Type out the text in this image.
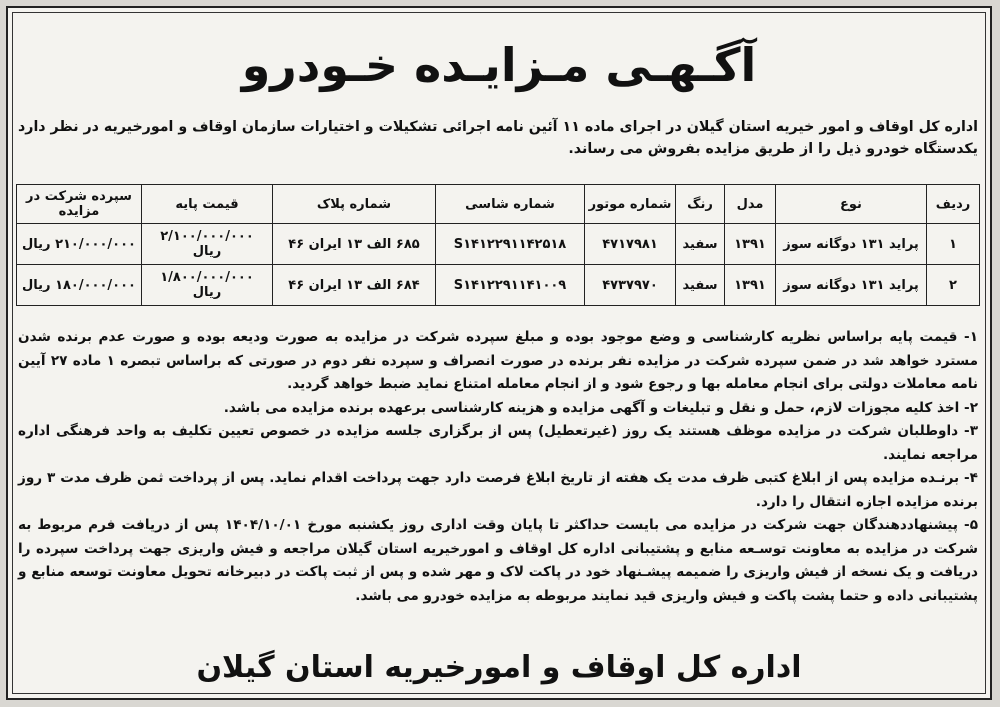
آگـهـی مـزایـده خـودرو
اداره کل اوقاف و امور خیریه استان گیلان در اجرای ماده ۱۱ آئین نامه اجرائی تشکیلات و اختیارات سازمان اوقاف و امورخیریه در نظر دارد یکدستگاه خودرو ذیل را از طریق مزایده بفروش می رساند.
ردیف	نوع	مدل	رنگ	شماره موتور	شماره شاسی	شماره پلاک	قیمت پایه	سپرده شرکت در مزایده
۱	پراید ۱۳۱ دوگانه سوز	۱۳۹۱	سفید	۴۷۱۷۹۸۱	S۱۴۱۲۲۹۱۱۴۲۵۱۸	۶۸۵ الف ۱۳ ایران ۴۶	۲/۱۰۰/۰۰۰/۰۰۰ ریال	۲۱۰/۰۰۰/۰۰۰ ریال
۲	پراید ۱۳۱ دوگانه سوز	۱۳۹۱	سفید	۴۷۳۷۹۷۰	S۱۴۱۲۲۹۱۱۴۱۰۰۹	۶۸۴ الف ۱۳ ایران ۴۶	۱/۸۰۰/۰۰۰/۰۰۰ ریال	۱۸۰/۰۰۰/۰۰۰ ریال

۱- قیمت پایه براساس نظریه کارشناسی و وضع موجود بوده و مبلغ سپرده شرکت در مزایده به صورت ودیعه بوده و صورت عدم برنده شدن مسترد خواهد شد در ضمن سپرده شرکت در مزایده نفر برنده در صورت انصراف و سپرده نفر دوم در صورتی که براساس تبصره ۱ ماده ۲۷ آیین نامه معاملات دولتی برای انجام معامله بها و رجوع شود و از انجام معامله امتناع نماید ضبط خواهد گردید.

۲- اخذ کلیه مجوزات لازم، حمل و نقل و تبلیغات و آگهی مزایده و هزینه کارشناسی برعهده برنده مزایده می باشد.

۳- داوطلبان شرکت در مزایده موظف هستند یک روز (غیرتعطیل) پس از برگزاری جلسه مزایده در خصوص تعیین تکلیف به واحد فرهنگی اداره مراجعه نمایند.

۴- برنـده مزایده پس از ابلاغ کتبی ظرف مدت یک هفته از تاریخ ابلاغ فرصت دارد جهت پرداخت اقدام نماید. پس از پرداخت ثمن ظرف مدت ۳ روز برنده مزایده اجازه انتقال را دارد.

۵- پیشنهاددهندگان جهت شرکت در مزایده می بایست حداکثر تا پایان وقت اداری روز یکشنبه مورخ ۱۴۰۴/۱۰/۰۱ پس از دریافت فرم مربوط به شرکت در مزایده به معاونت توسـعه منابع و پشتیبانی اداره کل اوقاف و امورخیریه استان گیلان مراجعه و فیش واریزی جهت پرداخت سپرده را دریافت و یک نسخه از فیش واریزی را ضمیمه پیشـنهاد خود در پاکت لاک و مهر شده و پس از ثبت پاکت در دبیرخانه تحویل معاونت توسعه منابع و پشتیبانی داده و حتما پشت پاکت و فیش واریزی قید نمایند مربوطه به مزایده خودرو می باشد.

اداره کل اوقاف و امورخیریه استان گیلان
